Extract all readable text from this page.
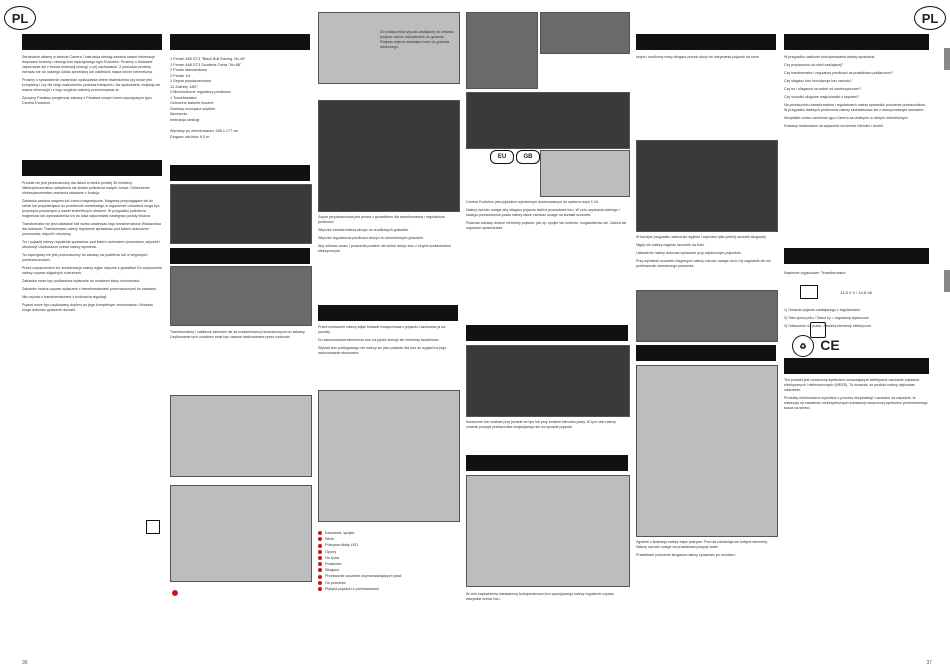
PL	PL

Serdecznie witamy w swiecie Carrera ! Instrukcja obslugi zawiera wazne informacje dotyczace budowy i obslugi toru wyscigowego typu Evolution. Prosimy o dokladne zapoznanie sie z trescia instrukcji obslugi i o jej zachowanie. Z powodow prosimy zwracac sie do naszego dzialu sprzedazy lub odwiedzic nasza strone internetowa.

Prosimy o sprawdzenie zawartosci opakowania celem stwierdzenia czy towar jest kompletny i czy nie ulegl uszkodzeniu podczas transportu. Na opakowaniu znajduja sie wazne informacje i z tego wzgledu radzimy przechowywac je.

Zyczymy Panstwu przyjemnej zabawy z Panstwa nowym torem wyscigowym typu Carrera Evolution.

Produkt nie jest przeznaczony dla dzieci w wieku ponizej 36 miesiecy. Niebezpieczenstwo udlawienia sie skutek polkniecia malych czesci. Ostrzezenie: niebezpieczenstwo zranienia zwiazane z funkcja.

Zabawka zawiera magnes lub czesci magnetyczne. Magnesy przyciagajace sie do siebie lub przywierajace do przedmiotu metalowego w organizmie czlowieka moga byc przyczyna powaznych a nawet smiertelnych obrazen. W przypadku polkniecia magnesow lub wprowadzenia ich do ciala natychmiast zasiegnac porady lekarza.

Transformator nie jest zabawka! Nie wolno zawieszac tego transformatora! Wskazowka dla rodzicow: Transformator nalezy regularnie sprawdzac pod katem uszkodzen przewodow, wtyczki i obudowy.

Tor i pojazdy nalezy regularnie sprawdzac pod katem uszkodzen przewodow, wtyczek i obudowy! Uszkodzone czesci nalezy wymienic.

Tor wyscigowy nie jest przeznaczony do zabawy na powietrzu lub w wilgotnych pomieszczeniach.

Przed czyszczeniem tor, konserwacja nalezy wyjac wtyczke z gniazdka! Do czyszczenia nalezy uzywac wilgotnych sciereczek.

Zabawka moze byc podlaczona wylacznie do urzadzen klasy ochronnosci.

Zabawke mozna uzywac wylacznie z transformatorami przeznaczonymi do zabawek.

Nie uzywac z transformatorami z trudnoscia regulacji.

Pojazd moze byc uzytkowany dopiero po jego kompletnym zmontowaniu. Montazu moga dokonac wylacznie doroslri.

36
1 Ferrari 488 GT3 "Black Bull Racing, No.46"
1 Ferrari 488 GT3 Scuderia Corsa "No.88"
2 Proste standardowe
2 Proste 1/4
1 Szyna przylaczeniowa
12 Zakrety 1/60°
2 Mechaniczne regulatory predkosci
1 Transformator
Ochronne barierki boczne
Zestawy mocujace szybkie
Akcesoria
Instrukcja obslugi
Wymiary po zmontowaniu: 285 x 177 cm
Dlugosc odcinka: 6,3 m

Transformatory i zasilacze sieciowe nie sa urzadzeniami przeznaczonymi do zabawy. Uzytkowanie tych urzadzen musi byc zawsze nadzorowane przez rodzicow.

Do podlaczenia wtyczki zasilajacej do zestawu podpiac zlacze odpowiednie do gniazda. Podpiac wtyczki zasilajace trafo do gniazda sieciowego.

Szyne przylaczeniowa jest prosta z gniazdkiem dla transformatora i regulatorow predkosci.

Wtyczke transformatora wlozyc do srodkowych gniazdek.

Wtyczke regulatorow predkosci wlozyc do zewnetrznych gniazdek.

Aby uniknac zwarc i porazenia pradem nie wolno laczyc toru z innymi urzadzeniami elektrycznymi.

Przed montazem nalezy zdjac blokade transportowa z pojazdu i zachowac ja na pozniej.

Do zamocowania elementow toru na plycie stosuje sie elementy lacznikowe.

Wyklad toru podlogowego nie nalezy sie jako pokladu dla toru do wyglad na jego nadzorowanie stosowane.

Karoseria, spojler
Silnik
Pokrywa diody LED
Opony
Os tylna
Podwozie
Slizgacz
Przelacznik szczotek doprowadzajacych prad
Os przednia
Plytyka pojazdu z przekladniami
EU	GB

Carrera Evolution jest pojazdem wymiennym dostosowanym do systemu szyn 1:24.

Nalezy zwrocic uwage aby slizgacz pojazdu trafil w prowadnice toru. W celu uzyskania dobrego i stalego przewodzenia pradu nalezy takze zwracac uwage na kontakt szczotek.

Podczas zabawy drobne elementy pojazdu, jak np. spojler lub lusterko, mogaodlamac sie. Zaleca sie regularne sprawdzanie.

Konieczne lub mozliwe przy jezdzie do tylu lub przy zmianie kierunku jazdy. W tym celu nalezy zmienic pozycje przelacznika znajdujacego sie na spodzie pojazdu.

W celu zapewnienia nastawionej funkcjonalnosci toru wyscigowego nalezy regularnie czyscic wszystkie czesci toru.

szyna i srodkowy nowy slizgacz przodu sluzy do utrzymania pojazdu na torze.

W kazdym przypadku zaleca sie wyjecie i wymiane tylko jednej szczotki slizgowej.

Nigdy nie nalezy naginac szczotek na boki.

Ustawienie nalezy dokonac wylacznie przy wylaczonym pojezdzie.

Przy wymianie szczotek slizgowych nalezy zwrocic uwage na to, by zaginanie sie nie przekraczalo okreslonego polozenia.

Zgodnie z ilustracja nalezy zdjac pokrywe. Pod nia odslaniaja sie kolejne elementy. Nalezy zwrocic uwage na prawidlowa pozycje kolek.

Prawidlowe polozenie slizgacza nalezy sprawdzic po montazu.

W przypadku zaklocen funkcjonowania nalezy sprawdzic:

Czy przylaczono do sieci zasilajacej?

Czy transformator i regulatory predkosci sa prawidlowo podlaczone?

Czy slizgacz toru funkcjonuje bez zarzutu?

Czy tor i slizgacze sa wolne od zanieczyszczen?

Czy szczotki slizgowe maja kontakt z szynami?

Na przelaczniku transformatora i regulatorach nalezy sprawdzic polozenie przelacznikow. W przypadku dalszych problemow nalezy skontaktowac sie z autoryzowanym serwisem.

Wszystkie czesci zamienne typu Carrera sa dostepne w sklepie internetowym.

Dostawy realizowane sa wylacznie na terenie Niemiec i Austrii.

Napiecie wyjsciowe: Transformator
14,8 V 0 / 14,8 VA

1) Gniazdo pojazdu zasilajacego z regulatorami.

2) Stan spoczynku / Stand by = regulatory wylaczone.

3) Odlaczenie od pradu. Zawiera elementy elektryczne.

♻ CE

Ten produkt jest oznaczony symbolem oznaczajacym selektywne usuwanie odpadow elektrycznych i elektronicznych (WEEE). To oznacza, ze produkt nalezy utylizowac oddzielnie.

Produkty elektroniczne wycofane z procesu eksploatacji i usuwane na odpadzie, te wskazuja na zawartosc niebezpiecznych substancji oznaczonej symbolem przekreslonego kosza na smieci.

37
